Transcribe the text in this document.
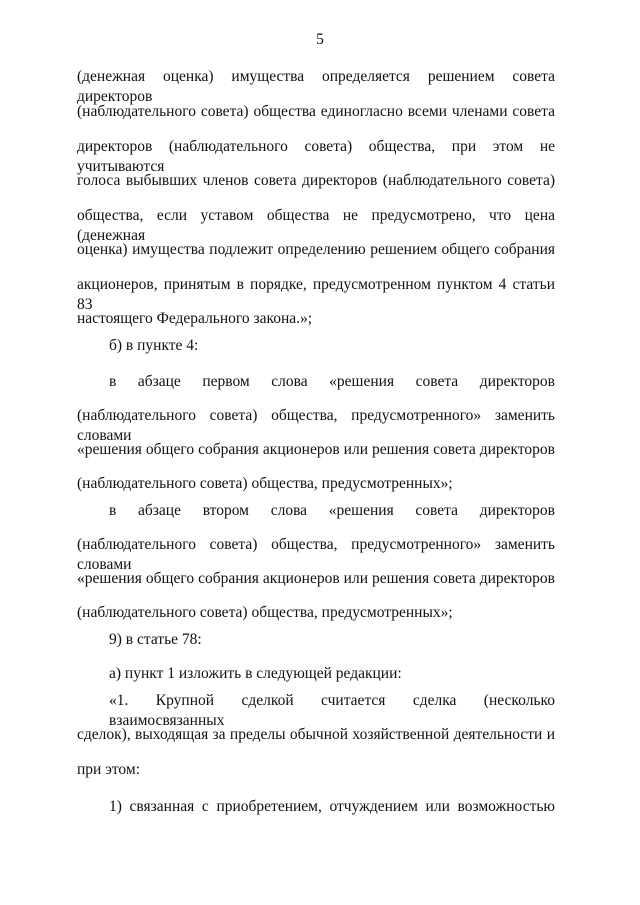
5
(денежная оценка) имущества определяется решением совета директоров
(наблюдательного совета) общества единогласно всеми членами совета
директоров (наблюдательного совета) общества, при этом не учитываются
голоса выбывших членов совета директоров (наблюдательного совета)
общества, если уставом общества не предусмотрено, что цена (денежная
оценка) имущества подлежит определению решением общего собрания
акционеров, принятым в порядке, предусмотренном пунктом 4 статьи 83
настоящего Федерального закона.»;
б) в пункте 4:
в абзаце первом слова «решения совета директоров
(наблюдательного совета) общества, предусмотренного» заменить словами
«решения общего собрания акционеров или решения совета директоров
(наблюдательного совета) общества, предусмотренных»;
в абзаце втором слова «решения совета директоров
(наблюдательного совета) общества, предусмотренного» заменить словами
«решения общего собрания акционеров или решения совета директоров
(наблюдательного совета) общества, предусмотренных»;
9) в статье 78:
а) пункт 1 изложить в следующей редакции:
«1. Крупной сделкой считается сделка (несколько взаимосвязанных
сделок), выходящая за пределы обычной хозяйственной деятельности и
при этом:
1) связанная с приобретением, отчуждением или возможностью
